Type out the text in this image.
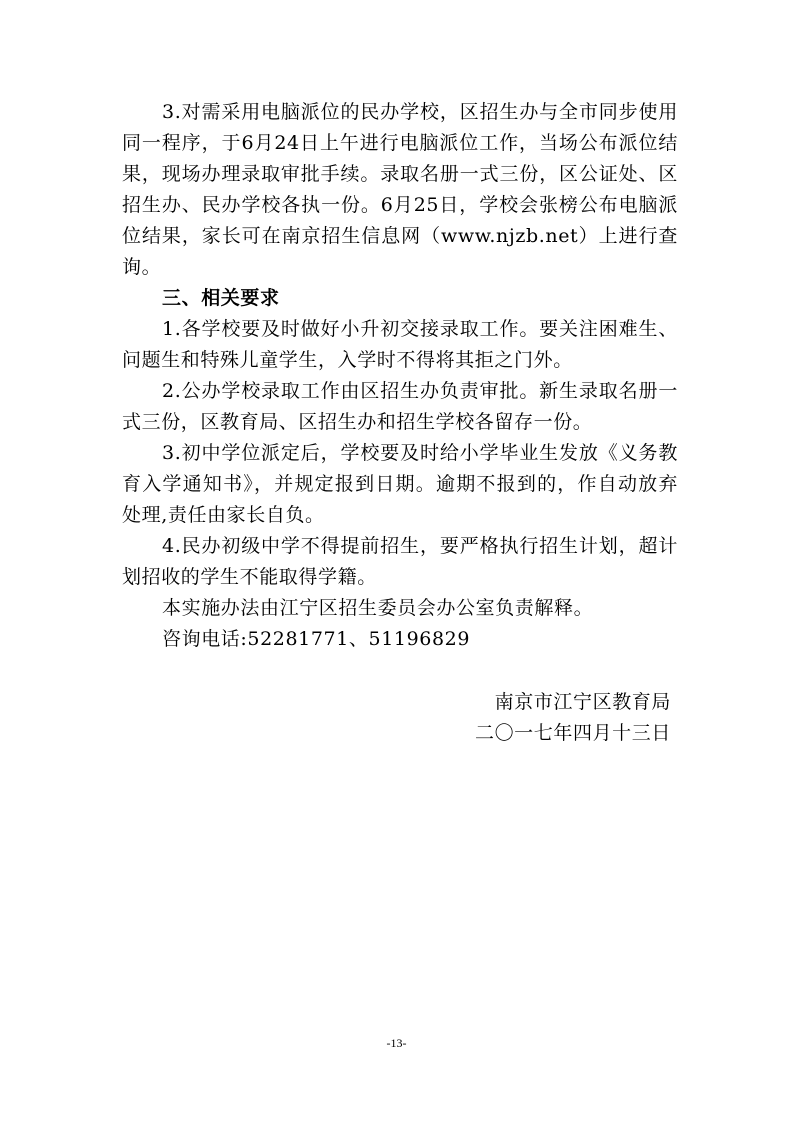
3.对需采用电脑派位的民办学校，区招生办与全市同步使用同一程序，于6月24日上午进行电脑派位工作，当场公布派位结果，现场办理录取审批手续。录取名册一式三份，区公证处、区招生办、民办学校各执一份。6月25日，学校会张榜公布电脑派位结果，家长可在南京招生信息网（www.njzb.net）上进行查询。

三、相关要求

1.各学校要及时做好小升初交接录取工作。要关注困难生、问题生和特殊儿童学生，入学时不得将其拒之门外。

2.公办学校录取工作由区招生办负责审批。新生录取名册一式三份，区教育局、区招生办和招生学校各留存一份。

3.初中学位派定后，学校要及时给小学毕业生发放《义务教育入学通知书》，并规定报到日期。逾期不报到的，作自动放弃处理,责任由家长自负。

4.民办初级中学不得提前招生，要严格执行招生计划，超计划招收的学生不能取得学籍。

本实施办法由江宁区招生委员会办公室负责解释。

咨询电话:52281771、51196829

南京市江宁区教育局
二〇一七年四月十三日
-13-
